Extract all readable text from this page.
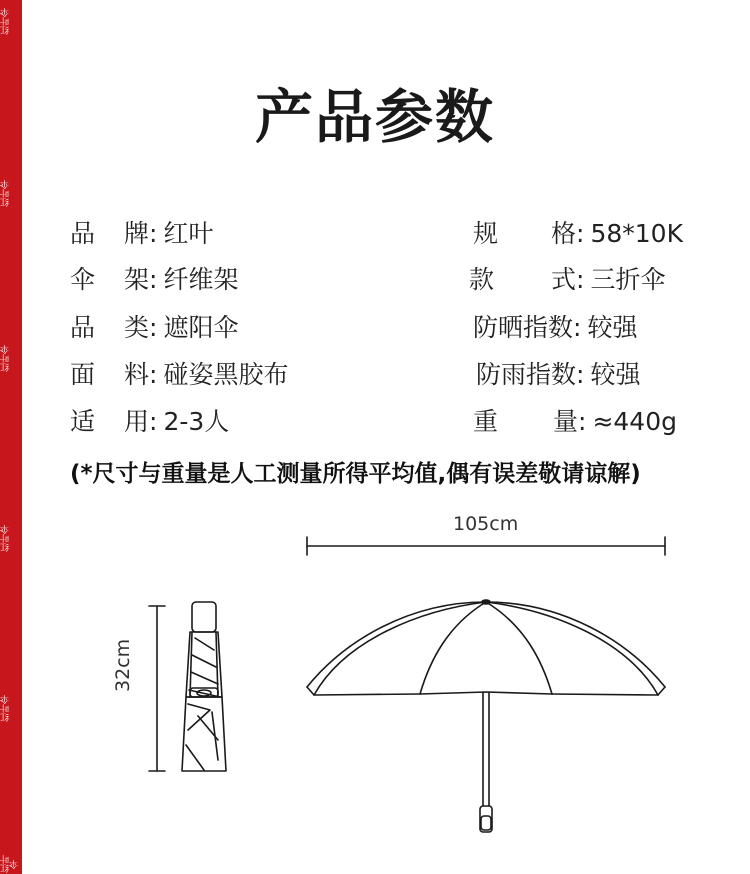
红叶伞
红叶伞
红叶伞
红叶伞
红叶伞
红叶伞
产品参数
品 牌: 红叶
伞 架: 纤维架
品 类: 遮阳伞
面 料: 碰姿黑胶布
适 用: 2-3人
规 格: 58*10K
款 式: 三折伞
防晒指数: 较强
防雨指数: 较强
重 量: ≈440g
(*尺寸与重量是人工测量所得平均值,偶有误差敬请谅解)
105cm
32cm
